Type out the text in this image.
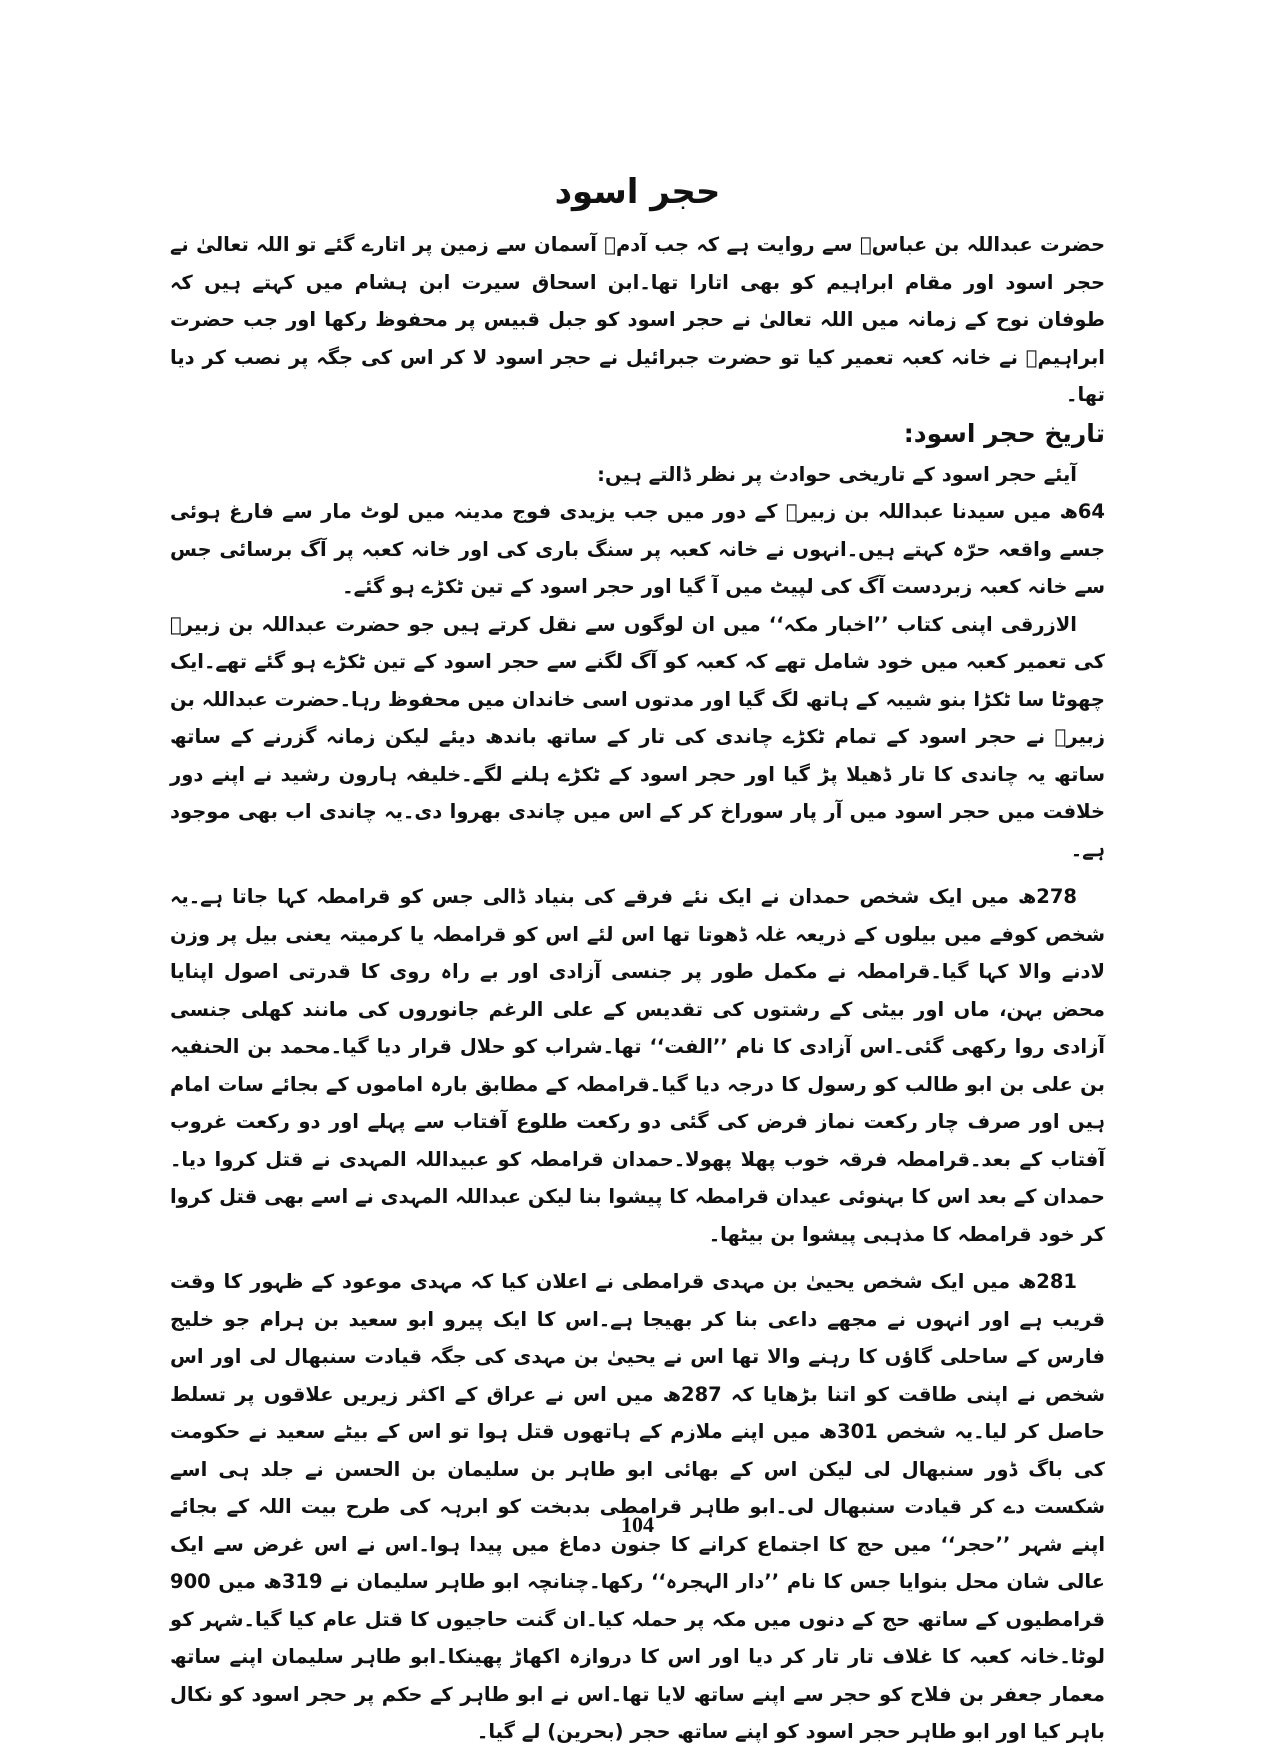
حجر اسود

حضرت عبداللہ بن عباسؓ سے روایت ہے کہ جب آدمؑ آسمان سے زمین پر اتارے گئے تو اللہ تعالیٰ نے حجر اسود اور مقام ابراہیم کو بھی اتارا تھا۔ابن اسحاق سیرت ابن ہشام میں کہتے ہیں کہ طوفان نوح کے زمانہ میں اللہ تعالیٰ نے حجر اسود کو جبل قبیس پر محفوظ رکھا اور جب حضرت ابراہیمؑ نے خانہ کعبہ تعمیر کیا تو حضرت جبرائیل نے حجر اسود لا کر اس کی جگہ پر نصب کر دیا تھا۔

تاریخ حجر اسود:

آیئے حجر اسود کے تاریخی حوادث پر نظر ڈالتے ہیں:

64ھ میں سیدنا عبداللہ بن زبیرؓ کے دور میں جب یزیدی فوج مدینہ میں لوٹ مار سے فارغ ہوئی جسے واقعہ حرّہ کہتے ہیں۔انہوں نے خانہ کعبہ پر سنگ باری کی اور خانہ کعبہ پر آگ برسائی جس سے خانہ کعبہ زبردست آگ کی لپیٹ میں آ گیا اور حجر اسود کے تین ٹکڑے ہو گئے۔

الازرقی اپنی کتاب ’’اخبار مکہ‘‘ میں ان لوگوں سے نقل کرتے ہیں جو حضرت عبداللہ بن زبیرؓ کی تعمیر کعبہ میں خود شامل تھے کہ کعبہ کو آگ لگنے سے حجر اسود کے تین ٹکڑے ہو گئے تھے۔ایک چھوٹا سا ٹکڑا بنو شیبہ کے ہاتھ لگ گیا اور مدتوں اسی خاندان میں محفوظ رہا۔حضرت عبداللہ بن زبیرؓ نے حجر اسود کے تمام ٹکڑے چاندی کی تار کے ساتھ باندھ دیئے لیکن زمانہ گزرنے کے ساتھ ساتھ یہ چاندی کا تار ڈھیلا پڑ گیا اور حجر اسود کے ٹکڑے ہلنے لگے۔خلیفہ ہارون رشید نے اپنے دور خلافت میں حجر اسود میں آر پار سوراخ کر کے اس میں چاندی بھروا دی۔یہ چاندی اب بھی موجود ہے۔

278ھ میں ایک شخص حمدان نے ایک نئے فرقے کی بنیاد ڈالی جس کو قرامطہ کہا جاتا ہے۔یہ شخص کوفے میں بیلوں کے ذریعہ غلہ ڈھوتا تھا اس لئے اس کو قرامطہ یا کرمیتہ یعنی بیل پر وزن لادنے والا کہا گیا۔قرامطہ نے مکمل طور پر جنسی آزادی اور بے راہ روی کا قدرتی اصول اپنایا محض بہن، ماں اور بیٹی کے رشتوں کی تقدیس کے علی الرغم جانوروں کی مانند کھلی جنسی آزادی روا رکھی گئی۔اس آزادی کا نام ’’الفت‘‘ تھا۔شراب کو حلال قرار دیا گیا۔محمد بن الحنفیہ بن علی بن ابو طالب کو رسول کا درجہ دیا گیا۔قرامطہ کے مطابق بارہ اماموں کے بجائے سات امام ہیں اور صرف چار رکعت نماز فرض کی گئی دو رکعت طلوع آفتاب سے پہلے اور دو رکعت غروب آفتاب کے بعد۔قرامطہ فرقہ خوب پھلا پھولا۔حمدان قرامطہ کو عبیداللہ المہدی نے قتل کروا دیا۔حمدان کے بعد اس کا بہنوئی عیدان قرامطہ کا پیشوا بنا لیکن عبداللہ المہدی نے اسے بھی قتل کروا کر خود قرامطہ کا مذہبی پیشوا بن بیٹھا۔

281ھ میں ایک شخص یحییٰ بن مہدی قرامطی نے اعلان کیا کہ مہدی موعود کے ظہور کا وقت قریب ہے اور انہوں نے مجھے داعی بنا کر بھیجا ہے۔اس کا ایک پیرو ابو سعید بن ہرام جو خلیج فارس کے ساحلی گاؤں کا رہنے والا تھا اس نے یحییٰ بن مہدی کی جگہ قیادت سنبھال لی اور اس شخص نے اپنی طاقت کو اتنا بڑھایا کہ 287ھ میں اس نے عراق کے اکثر زیریں علاقوں پر تسلط حاصل کر لیا۔یہ شخص 301ھ میں اپنے ملازم کے ہاتھوں قتل ہوا تو اس کے بیٹے سعید نے حکومت کی باگ ڈور سنبھال لی لیکن اس کے بھائی ابو طاہر بن سلیمان بن الحسن نے جلد ہی اسے شکست دے کر قیادت سنبھال لی۔ابو طاہر قرامطی بدبخت کو ابرہہ کی طرح بیت اللہ کے بجائے اپنے شہر ’’حجر‘‘ میں حج کا اجتماع کرانے کا جنون دماغ میں پیدا ہوا۔اس نے اس غرض سے ایک عالی شان محل بنوایا جس کا نام ’’دار الہجرہ‘‘ رکھا۔چنانچہ ابو طاہر سلیمان نے 319ھ میں 900 قرامطیوں کے ساتھ حج کے دنوں میں مکہ پر حملہ کیا۔ان گنت حاجیوں کا قتل عام کیا گیا۔شہر کو لوٹا۔خانہ کعبہ کا غلاف تار تار کر دیا اور اس کا دروازہ اکھاڑ پھینکا۔ابو طاہر سلیمان اپنے ساتھ معمار جعفر بن فلاح کو حجر سے اپنے ساتھ لایا تھا۔اس نے ابو طاہر کے حکم پر حجر اسود کو نکال باہر کیا اور ابو طاہر حجر اسود کو اپنے ساتھ حجر (بحرین) لے گیا۔

104
